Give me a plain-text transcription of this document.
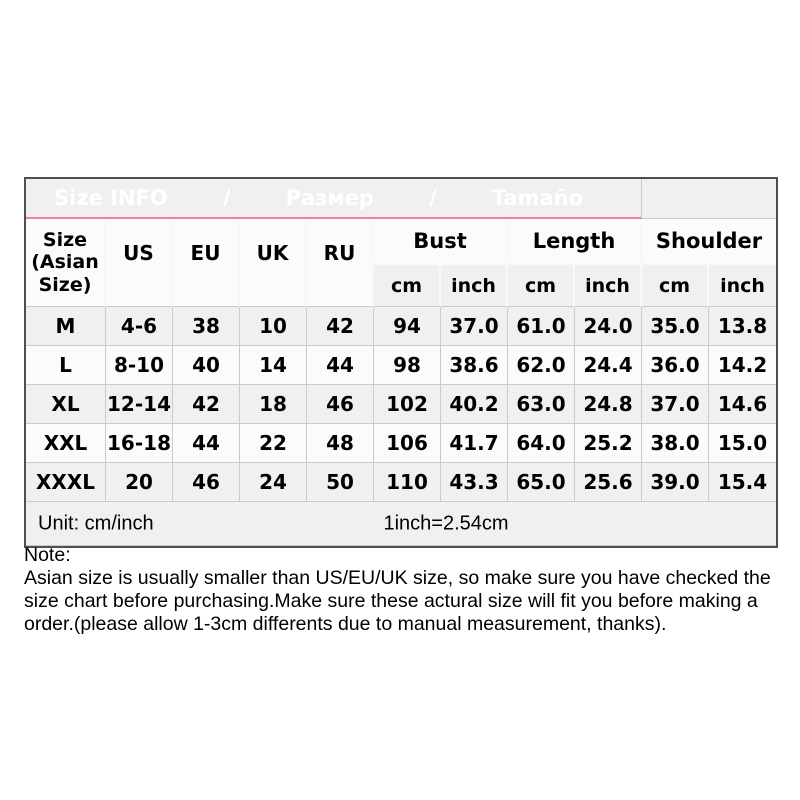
Size INFO / Размер / Tamaño										

Size (Asian Size)	US	EU	UK	RU	Bust		Length		Shoulder	
					cm	inch	cm	inch	cm	inch
M	4-6	38	10	42	94	37.0	61.0	24.0	35.0	13.8
L	8-10	40	14	44	98	38.6	62.0	24.4	36.0	14.2
XL	12-14	42	18	46	102	40.2	63.0	24.8	37.0	14.6
XXL	16-18	44	22	48	106	41.7	64.0	25.2	38.0	15.0
XXXL	20	46	24	50	110	43.3	65.0	25.6	39.0	15.4

Unit: cm/inch 1inch=2.54cm										
Note:
Asian size is usually smaller than US/EU/UK size, so make sure you have checked the size chart before purchasing.Make sure these actural size will fit you before making a order.(please allow 1-3cm differents due to manual measurement, thanks).
